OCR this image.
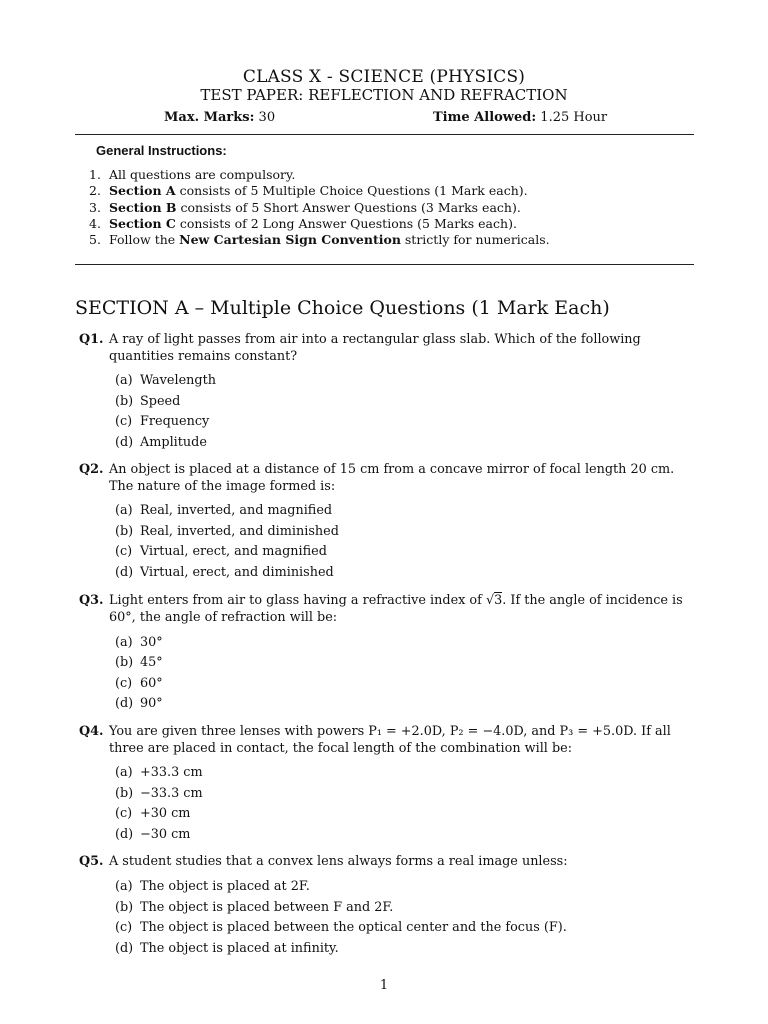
CLASS X - SCIENCE (PHYSICS)
TEST PAPER: REFLECTION AND REFRACTION
Max. Marks: 30	Time Allowed: 1.25 Hour
General Instructions:
1. All questions are compulsory.
2. Section A consists of 5 Multiple Choice Questions (1 Mark each).
3. Section B consists of 5 Short Answer Questions (3 Marks each).
4. Section C consists of 2 Long Answer Questions (5 Marks each).
5. Follow the New Cartesian Sign Convention strictly for numericals.
SECTION A – Multiple Choice Questions (1 Mark Each)
Q1. A ray of light passes from air into a rectangular glass slab. Which of the following quantities remains constant?
(a) Wavelength
(b) Speed
(c) Frequency
(d) Amplitude
Q2. An object is placed at a distance of 15 cm from a concave mirror of focal length 20 cm. The nature of the image formed is:
(a) Real, inverted, and magnified
(b) Real, inverted, and diminished
(c) Virtual, erect, and magnified
(d) Virtual, erect, and diminished
Q3. Light enters from air to glass having a refractive index of √3. If the angle of incidence is 60°, the angle of refraction will be:
(a) 30°
(b) 45°
(c) 60°
(d) 90°
Q4. You are given three lenses with powers P₁ = +2.0D, P₂ = −4.0D, and P₃ = +5.0D. If all three are placed in contact, the focal length of the combination will be:
(a) +33.3 cm
(b) −33.3 cm
(c) +30 cm
(d) −30 cm
Q5. A student studies that a convex lens always forms a real image unless:
(a) The object is placed at 2F.
(b) The object is placed between F and 2F.
(c) The object is placed between the optical center and the focus (F).
(d) The object is placed at infinity.
1
